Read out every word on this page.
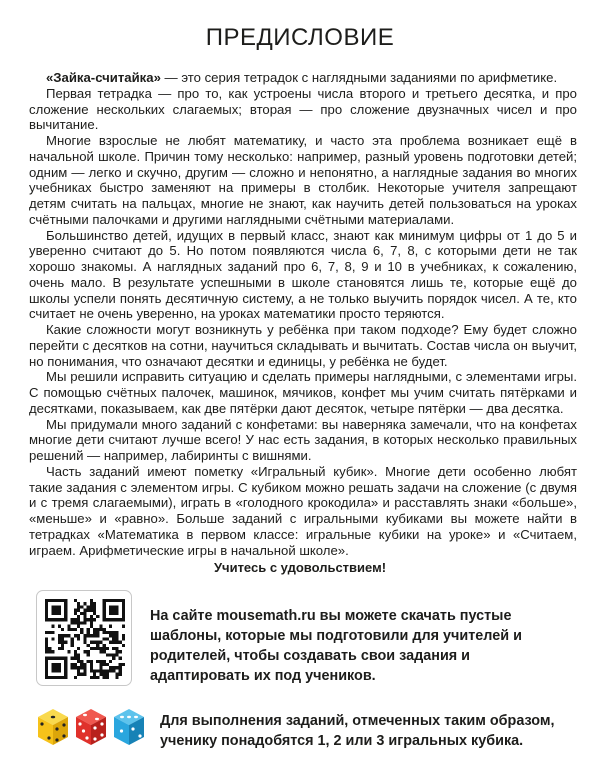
ПРЕДИСЛОВИЕ

«Зайка-считайка» — это серия тетрадок с наглядными заданиями по арифметике.

Первая тетрадка — про то, как устроены числа второго и третьего десятка, и про сложение нескольких слагаемых; вторая — про сложение двузначных чисел и про вычитание.

Многие взрослые не любят математику, и часто эта проблема возникает ещё в начальной школе. Причин тому несколько: например, разный уровень подготовки детей; одним — легко и скучно, другим — сложно и непонятно, а наглядные задания во многих учебниках быстро заменяют на примеры в столбик. Некоторые учителя запрещают детям считать на пальцах, многие не знают, как научить детей пользоваться на уроках счётными палочками и другими наглядными счётными материалами.

Большинство детей, идущих в первый класс, знают как минимум цифры от 1 до 5 и уверенно считают до 5. Но потом появляются числа 6, 7, 8, с которыми дети не так хорошо знакомы. А наглядных заданий про 6, 7, 8, 9 и 10 в учебниках, к сожалению, очень мало. В результате успешными в школе становятся лишь те, которые ещё до школы успели понять десятичную систему, а не только выучить порядок чисел. А те, кто считает не очень уверенно, на уроках математики просто теряются.

Какие сложности могут возникнуть у ребёнка при таком подходе? Ему будет сложно перейти с десятков на сотни, научиться складывать и вычитать. Состав числа он выучит, но понимания, что означают десятки и единицы, у ребёнка не будет.

Мы решили исправить ситуацию и сделать примеры наглядными, с элементами игры. С помощью счётных палочек, машинок, мячиков, конфет мы учим считать пятёрками и десятками, показываем, как две пятёрки дают десяток, четыре пятёрки — два десятка.

Мы придумали много заданий с конфетами: вы наверняка замечали, что на конфетах многие дети считают лучше всего! У нас есть задания, в которых несколько правильных решений — например, лабиринты с вишнями.

Часть заданий имеют пометку «Игральный кубик». Многие дети особенно любят такие задания с элементом игры. С кубиком можно решать задачи на сложение (с двумя и с тремя слагаемыми), играть в «голодного крокодила» и расставлять знаки «больше», «меньше» и «равно». Больше заданий с игральными кубиками вы можете найти в тетрадках «Математика в первом классе: игральные кубики на уроке» и «Считаем, играем. Арифметические игры в начальной школе».

Учитесь с удовольствием!
На сайте mousemath.ru вы можете скачать пустые шаблоны, которые мы подготовили для учителей и родителей, чтобы создавать свои задания и адаптировать их под учеников.
Для выполнения заданий, отмеченных таким образом, ученику понадобятся 1, 2 или 3 игральных кубика.
